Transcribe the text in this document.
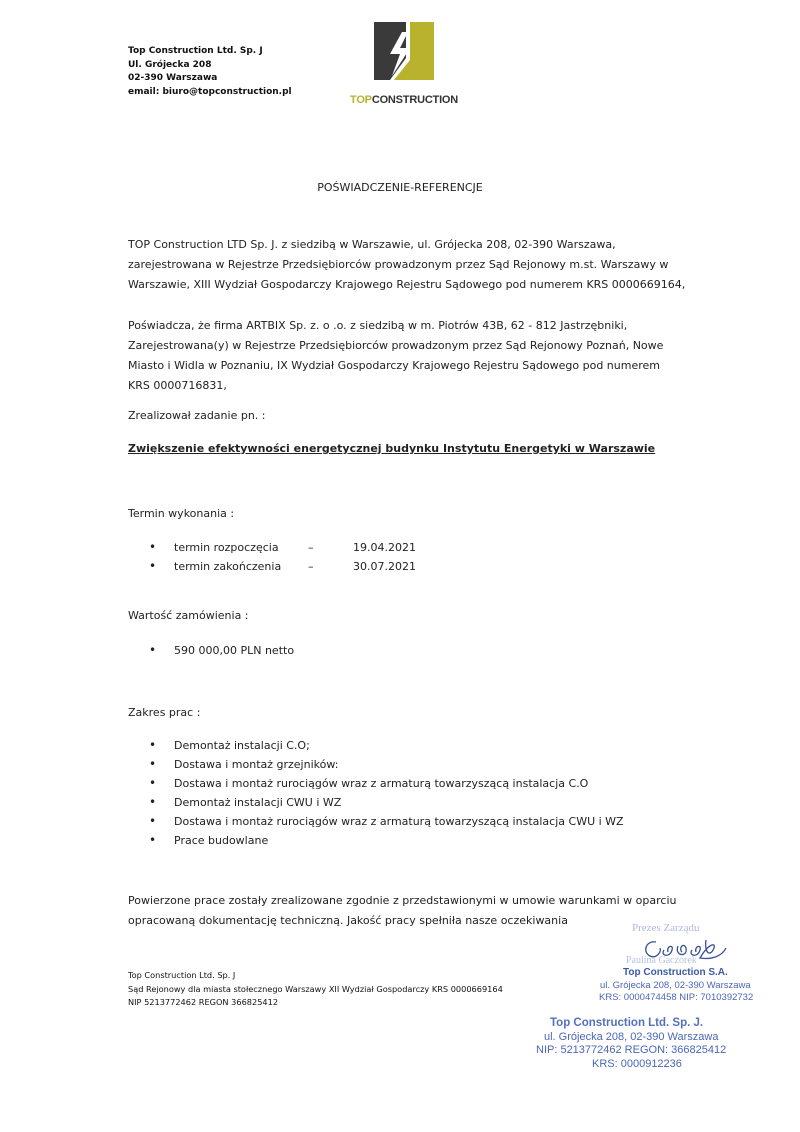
Top Construction Ltd. Sp. J
Ul. Grójecka 208
02-390 Warszawa
email: biuro@topconstruction.pl
TOPCONSTRUCTION
POŚWIADCZENIE-REFERENCJE
TOP Construction LTD Sp. J. z siedzibą w Warszawie, ul. Grójecka 208, 02-390 Warszawa,
zarejestrowana w Rejestrze Przedsiębiorców prowadzonym przez Sąd Rejonowy m.st. Warszawy w
Warszawie, XIII Wydział Gospodarczy Krajowego Rejestru Sądowego pod numerem KRS 0000669164,
Poświadcza, że firma ARTBIX Sp. z. o .o. z siedzibą w m. Piotrów 43B, 62 - 812 Jastrzębniki,
Zarejestrowana(y) w Rejestrze Przedsiębiorców prowadzonym przez Sąd Rejonowy Poznań, Nowe
Miasto i Widla w Poznaniu, IX Wydział Gospodarczy Krajowego Rejestru Sądowego pod numerem
KRS 0000716831,
Zrealizował zadanie pn. :
Zwiększenie efektywności energetycznej budynku Instytutu Energetyki w Warszawie
Termin wykonania :
• termin rozpoczęcia	–	19.04.2021
• termin zakończenia –	30.07.2021
Wartość zamówienia :
• 590 000,00 PLN netto
Zakres prac :
• Demontaż instalacji C.O;
• Dostawa i montaż grzejników:
• Dostawa i montaż rurociągów wraz z armaturą towarzyszącą instalacja C.O
• Demontaż instalacji CWU i WZ
• Dostawa i montaż rurociągów wraz z armaturą towarzyszącą instalacja CWU i WZ
• Prace budowlane
Powierzone prace zostały zrealizowane zgodnie z przedstawionymi w umowie warunkami w oparciu
opracowaną dokumentację techniczną. Jakość pracy spełniła nasze oczekiwania
Top Construction Ltd. Sp. J
Sąd Rejonowy dla miasta stołecznego Warszawy XII Wydział Gospodarczy KRS 0000669164
NIP 5213772462 REGON 366825412
Prezes Zarządu
Paulina Gaczorek
Top Construction S.A.
ul. Grójecka 208, 02-390 Warszawa
KRS: 0000474458 NIP: 7010392732
Top Construction Ltd. Sp. J.
ul. Grójecka 208, 02-390 Warszawa
NIP: 5213772462 REGON: 366825412
KRS: 0000912236
